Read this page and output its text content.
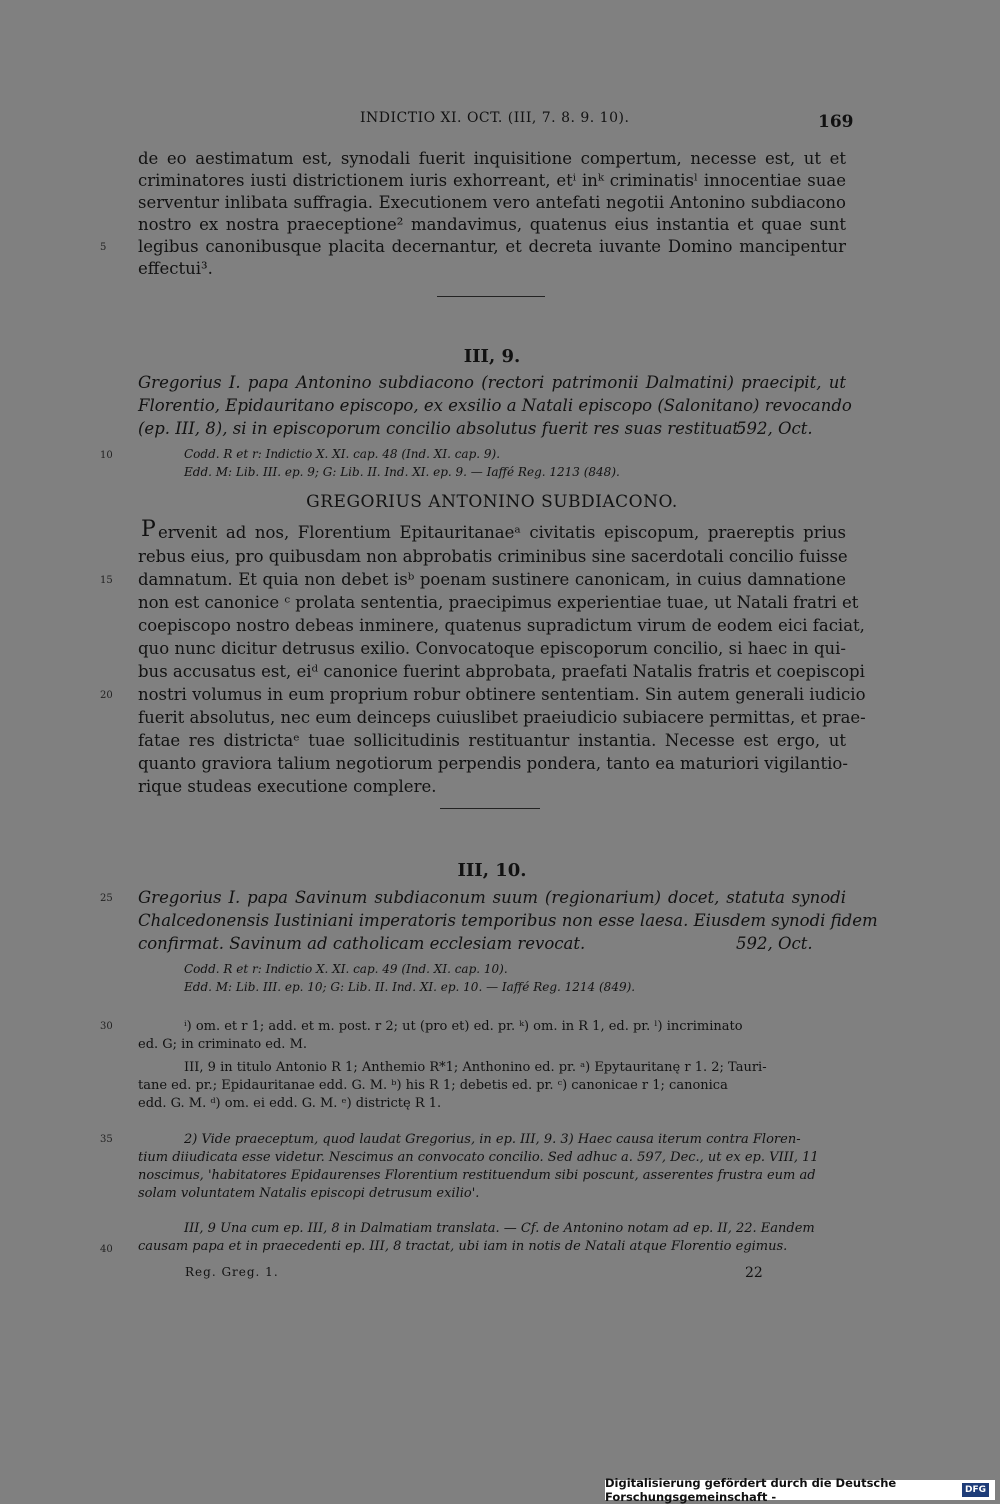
INDICTIO XI. OCT. (III, 7. 8. 9. 10).	169
de eo aestimatum est, synodali fuerit inquisitione compertum, necesse est, ut et
criminatores iusti districtionem iuris exhorreant, etⁱ inᵏ criminatisˡ innocentiae suae
serventur inlibata suffragia. Executionem vero antefati negotii Antonino subdiacono
nostro ex nostra praeceptione² mandavimus, quatenus eius instantia et quae sunt
legibus canonibusque placita decernantur, et decreta iuvante Domino mancipentur
effectui³.
III, 9.
Gregorius I. papa Antonino subdiacono (rectori patrimonii Dalmatini) praecipit, ut
Florentio, Epidauritano episcopo, ex exsilio a Natali episcopo (Salonitano) revocando
(ep. III, 8), si in episcoporum concilio absolutus fuerit res suas restituat.
592, Oct.
Codd. R et r: Indictio X. XI. cap. 48 (Ind. XI. cap. 9).
Edd. M: Lib. III. ep. 9; G: Lib. II. Ind. XI. ep. 9. — Iaffé Reg. 1213 (848).
GREGORIUS ANTONINO SUBDIACONO.
ervenit ad nos, Florentium Epitauritanaeᵃ civitatis episcopum, praereptis prius
P
rebus eius, pro quibusdam non abprobatis criminibus sine sacerdotali concilio fuisse
damnatum. Et quia non debet isᵇ poenam sustinere canonicam, in cuius damnatione
non est canonice ᶜ prolata sententia, praecipimus experientiae tuae, ut Natali fratri et
coepiscopo nostro debeas inminere, quatenus supradictum virum de eodem eici faciat,
quo nunc dicitur detrusus exilio. Convocatoque episcoporum concilio, si haec in qui-
bus accusatus est, eiᵈ canonice fuerint abprobata, praefati Natalis fratris et coepiscopi
nostri volumus in eum proprium robur obtinere sententiam. Sin autem generali iudicio
fuerit absolutus, nec eum deinceps cuiuslibet praeiudicio subiacere permittas, et prae-
fatae res districtaᵉ tuae sollicitudinis restituantur instantia. Necesse est ergo, ut
quanto graviora talium negotiorum perpendis pondera, tanto ea maturiori vigilantio-
rique studeas executione complere.
III, 10.
Gregorius I. papa Savinum subdiaconum suum (regionarium) docet, statuta synodi
Chalcedonensis Iustiniani imperatoris temporibus non esse laesa. Eiusdem synodi fidem
confirmat. Savinum ad catholicam ecclesiam revocat.	592, Oct.
Codd. R et r: Indictio X. XI. cap. 49 (Ind. XI. cap. 10).
Edd. M: Lib. III. ep. 10; G: Lib. II. Ind. XI. ep. 10. — Iaffé Reg. 1214 (849).
ⁱ) om. et r 1; add. et m. post. r 2; ut (pro et) ed. pr. ᵏ) om. in R 1, ed. pr. ˡ) incriminato
ed. G; in criminato ed. M.
III, 9 in titulo Antonio R 1; Anthemio R*1; Anthonino ed. pr. ᵃ) Epytauritanę r 1. 2; Tauri-
tane ed. pr.; Epidauritanae edd. G. M. ᵇ) his R 1; debetis ed. pr. ᶜ) canonicae r 1; canonica
edd. G. M. ᵈ) om. ei edd. G. M. ᵉ) districtę R 1.
2) Vide praeceptum, quod laudat Gregorius, in ep. III, 9. 3) Haec causa iterum contra Floren-
tium diiudicata esse videtur. Nescimus an convocato concilio. Sed adhuc a. 597, Dec., ut ex ep. VIII, 11
noscimus, 'habitatores Epidaurenses Florentium restituendum sibi poscunt, asserentes frustra eum ad
solam voluntatem Natalis episcopi detrusum exilio'.
III, 9 Una cum ep. III, 8 in Dalmatiam translata. — Cf. de Antonino notam ad ep. II, 22. Eandem
causam papa et in praecedenti ep. III, 8 tractat, ubi iam in notis de Natali atque Florentio egimus.
Reg. Greg. 1.	22
5
10
15
20
25
30
35
40
Digitalisierung gefördert durch die Deutsche Forschungsgemeinschaft -	DFG
